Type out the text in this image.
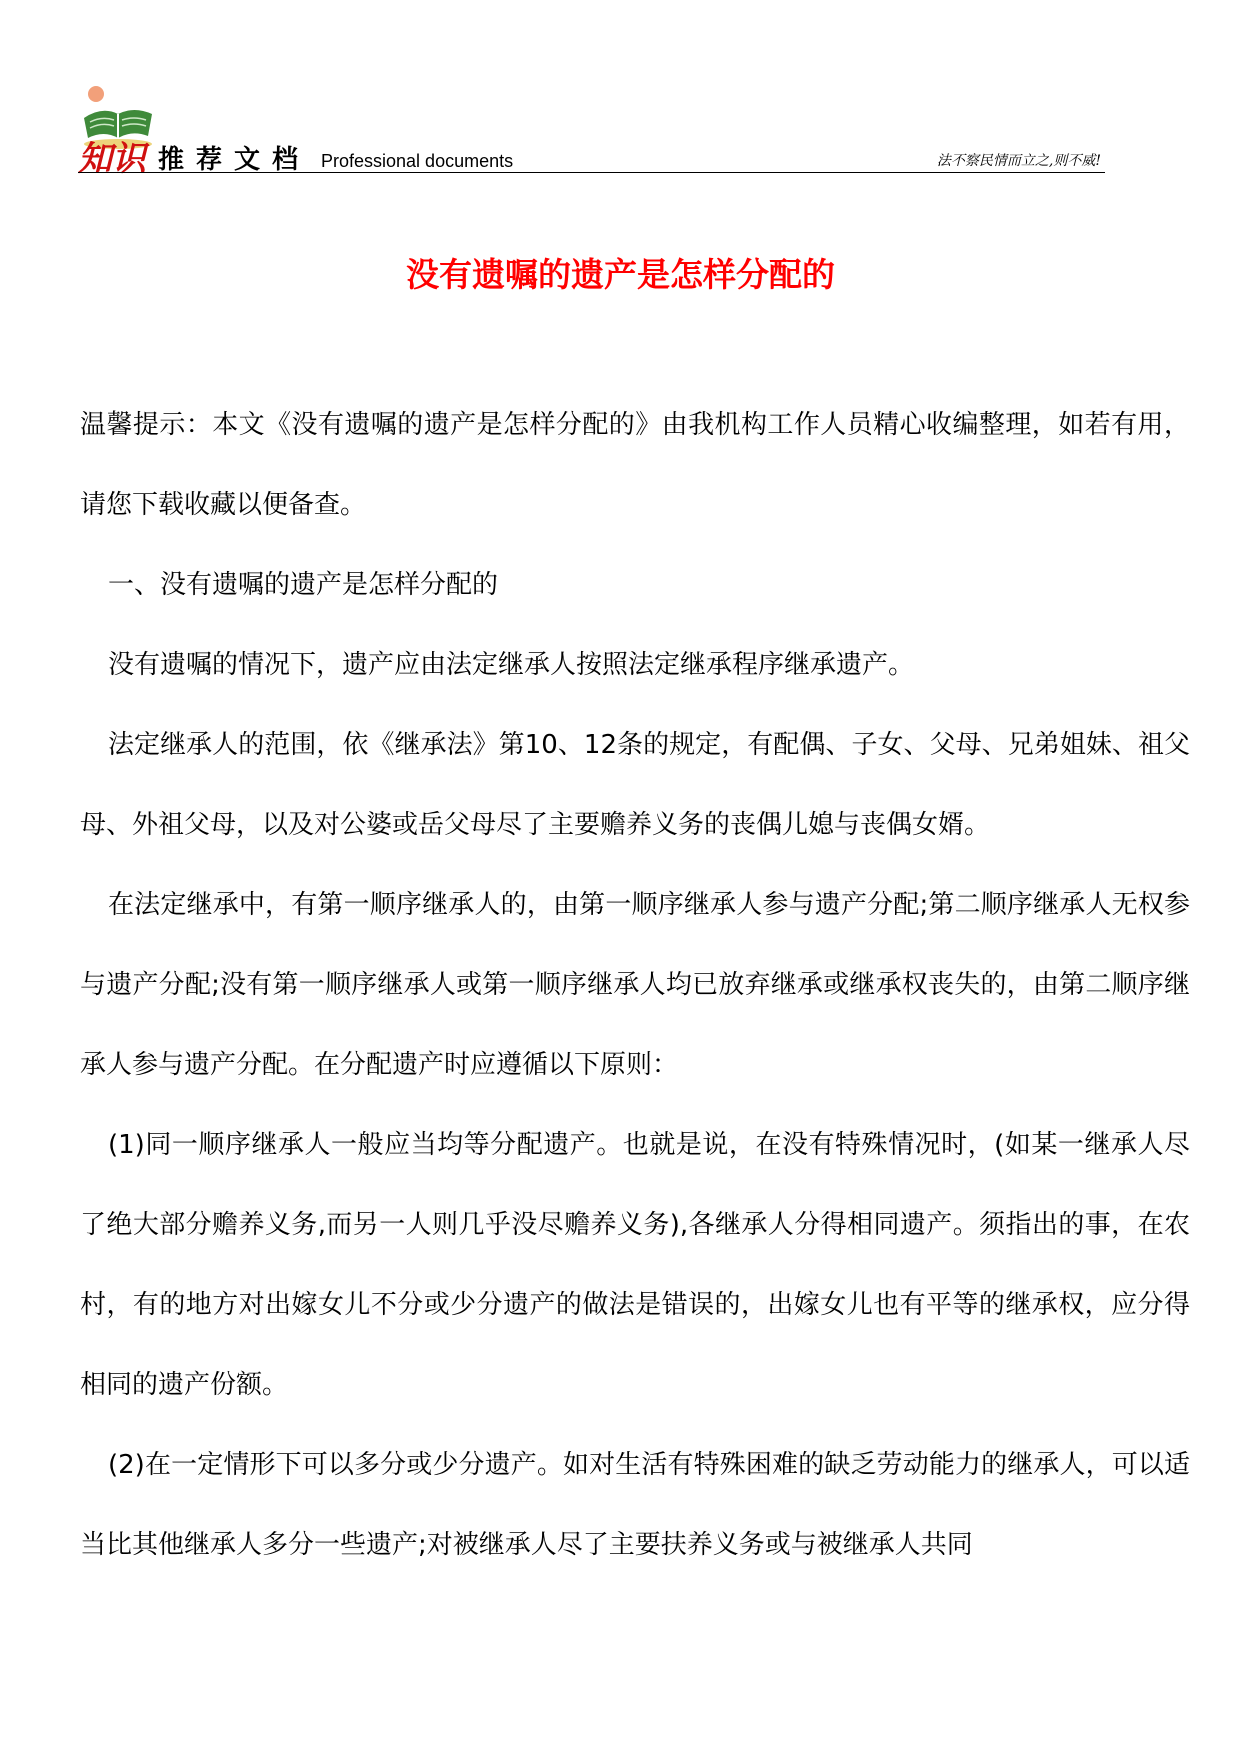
知识 推荐文档 Professional documents	法不察民情而立之,则不威!
没有遗嘱的遗产是怎样分配的

温馨提示：本文《没有遗嘱的遗产是怎样分配的》由我机构工作人员精心收编整理，如若有用，请您下载收藏以便备查。

一、没有遗嘱的遗产是怎样分配的

没有遗嘱的情况下，遗产应由法定继承人按照法定继承程序继承遗产。

法定继承人的范围，依《继承法》第10、12条的规定，有配偶、子女、父母、兄弟姐妹、祖父母、外祖父母，以及对公婆或岳父母尽了主要赡养义务的丧偶儿媳与丧偶女婿。

在法定继承中，有第一顺序继承人的，由第一顺序继承人参与遗产分配;第二顺序继承人无权参与遗产分配;没有第一顺序继承人或第一顺序继承人均已放弃继承或继承权丧失的，由第二顺序继承人参与遗产分配。在分配遗产时应遵循以下原则：

(1)同一顺序继承人一般应当均等分配遗产。也就是说，在没有特殊情况时，(如某一继承人尽了绝大部分赡养义务,而另一人则几乎没尽赡养义务),各继承人分得相同遗产。须指出的事，在农村，有的地方对出嫁女儿不分或少分遗产的做法是错误的，出嫁女儿也有平等的继承权，应分得相同的遗产份额。

(2)在一定情形下可以多分或少分遗产。如对生活有特殊困难的缺乏劳动能力的继承人，可以适当比其他继承人多分一些遗产;对被继承人尽了主要扶养义务或与被继承人共同
